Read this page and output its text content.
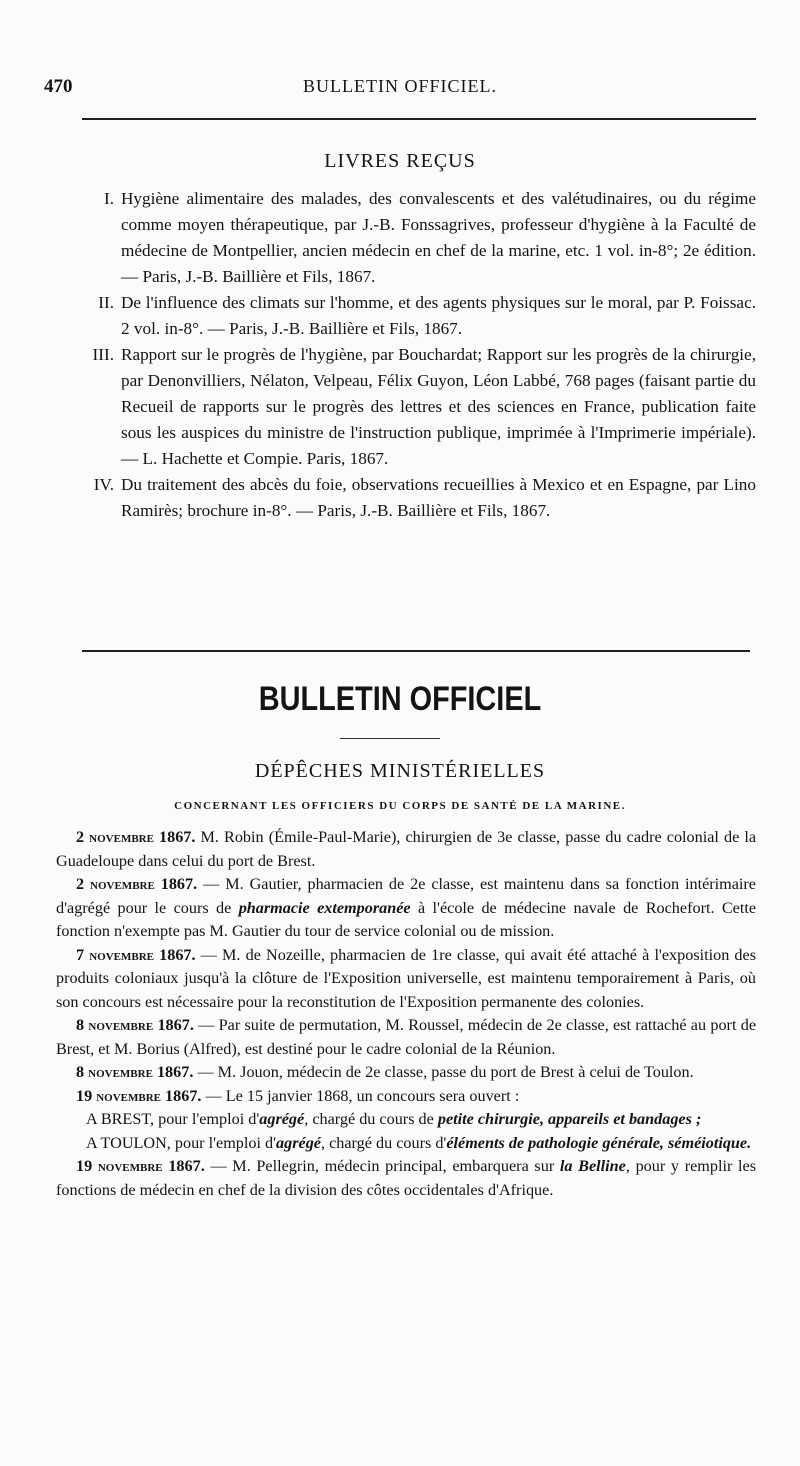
470	BULLETIN OFFICIEL.
LIVRES REÇUS
I. Hygiène alimentaire des malades, des convalescents et des valétudinaires, ou du régime comme moyen thérapeutique, par J.-B. Fonssagrives, professeur d'hygiène à la Faculté de médecine de Montpellier, ancien médecin en chef de la marine, etc. 1 vol. in-8°; 2e édition. — Paris, J.-B. Baillière et Fils, 1867.
II. De l'influence des climats sur l'homme, et des agents physiques sur le moral, par P. Foissac. 2 vol. in-8°. — Paris, J.-B. Baillière et Fils, 1867.
III. Rapport sur le progrès de l'hygiène, par Bouchardat; Rapport sur les progrès de la chirurgie, par Denonvilliers, Nélaton, Velpeau, Félix Guyon, Léon Labbé, 768 pages (faisant partie du Recueil de rapports sur le progrès des lettres et des sciences en France, publication faite sous les auspices du ministre de l'instruction publique, imprimée à l'Imprimerie impériale). — L. Hachette et Compie. Paris, 1867.
IV. Du traitement des abcès du foie, observations recueillies à Mexico et en Espagne, par Lino Ramirès; brochure in-8°. — Paris, J.-B. Baillière et Fils, 1867.
BULLETIN OFFICIEL
DÉPÊCHES MINISTÉRIELLES
CONCERNANT LES OFFICIERS DU CORPS DE SANTÉ DE LA MARINE.

2 novembre 1867. M. Robin (Émile-Paul-Marie), chirurgien de 3e classe, passe du cadre colonial de la Guadeloupe dans celui du port de Brest.

2 novembre 1867. — M. Gautier, pharmacien de 2e classe, est maintenu dans sa fonction intérimaire d'agrégé pour le cours de pharmacie extemporanée à l'école de médecine navale de Rochefort. Cette fonction n'exempte pas M. Gautier du tour de service colonial ou de mission.

7 novembre 1867. — M. de Nozeille, pharmacien de 1re classe, qui avait été attaché à l'exposition des produits coloniaux jusqu'à la clôture de l'Exposition universelle, est maintenu temporairement à Paris, où son concours est nécessaire pour la reconstitution de l'Exposition permanente des colonies.

8 novembre 1867. — Par suite de permutation, M. Roussel, médecin de 2e classe, est rattaché au port de Brest, et M. Borius (Alfred), est destiné pour le cadre colonial de la Réunion.

8 novembre 1867. — M. Jouon, médecin de 2e classe, passe du port de Brest à celui de Toulon.

19 novembre 1867. — Le 15 janvier 1868, un concours sera ouvert :

A BREST, pour l'emploi d'agrégé, chargé du cours de petite chirurgie, appareils et bandages ;

A TOULON, pour l'emploi d'agrégé, chargé du cours d'éléments de pathologie générale, séméiotique.

19 novembre 1867. — M. Pellegrin, médecin principal, embarquera sur la Belline, pour y remplir les fonctions de médecin en chef de la division des côtes occidentales d'Afrique.
